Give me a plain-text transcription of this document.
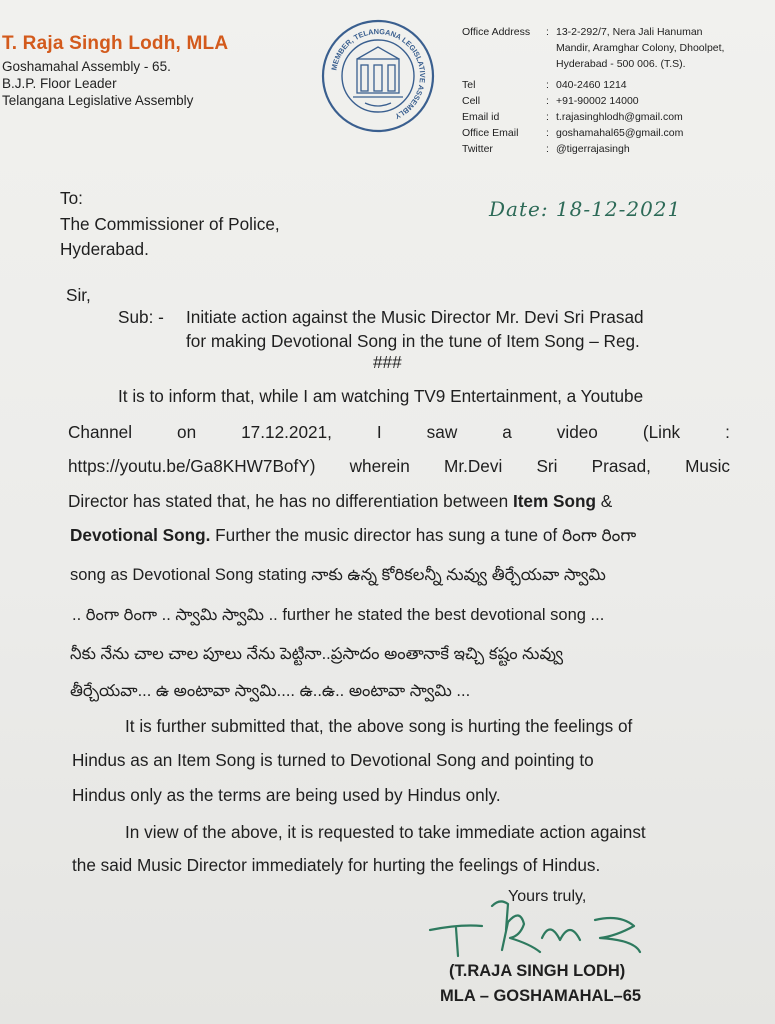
T. Raja Singh Lodh, MLA
Goshamahal Assembly - 65.
B.J.P. Floor Leader
Telangana Legislative Assembly
MEMBER, TELANGANA LEGISLATIVE ASSEMBLY
Office Address	: 13-2-292/7, Nera Jali Hanuman
Mandir, Aramghar Colony, Dhoolpet,
Hyderabad - 500 006. (T.S).
Tel	: 040-2460 1214
Cell	: +91-90002 14000
Email id	: t.rajasinghlodh@gmail.com
Office Email	: goshamahal65@gmail.com
Twitter	: @tigerrajasingh
To:
The Commissioner of Police,
Hyderabad.
Date: 18-12-2021
Sir,
Sub: - Initiate action against the Music Director Mr. Devi Sri Prasad
for making Devotional Song in the tune of Item Song – Reg.
###
It is to inform that, while I am watching TV9 Entertainment, a Youtube
Channel	on	17.12.2021,	I	saw	a	video	(Link	:
https://youtu.be/Ga8KHW7BofY) wherein Mr.Devi Sri Prasad, Music
Director has stated that, he has no differentiation between Item Song &
Devotional Song. Further the music director has sung a tune of రింగా రింగా
song as Devotional Song stating నాకు ఉన్న కోరికలన్నీ నువ్వు తీర్చేయవా స్వామి
.. రింగా రింగా .. స్వామి స్వామి .. further he stated the best devotional song ...
నీకు నేను చాల చాల పూలు నేను పెట్టినా..ప్రసాదం అంతానాకే ఇచ్చి కష్టం నువ్వు
తీర్చేయవా... ఉ అంటావా స్వామి.... ఉ..ఉ.. అంటావా స్వామి ...
It is further submitted that, the above song is hurting the feelings of
Hindus as an Item Song is turned to Devotional Song and pointing to
Hindus only as the terms are being used by Hindus only.
In view of the above, it is requested to take immediate action against
the said Music Director immediately for hurting the feelings of Hindus.
Yours truly,
T. Raja
(T.RAJA SINGH LODH)
MLA – GOSHAMAHAL–65
